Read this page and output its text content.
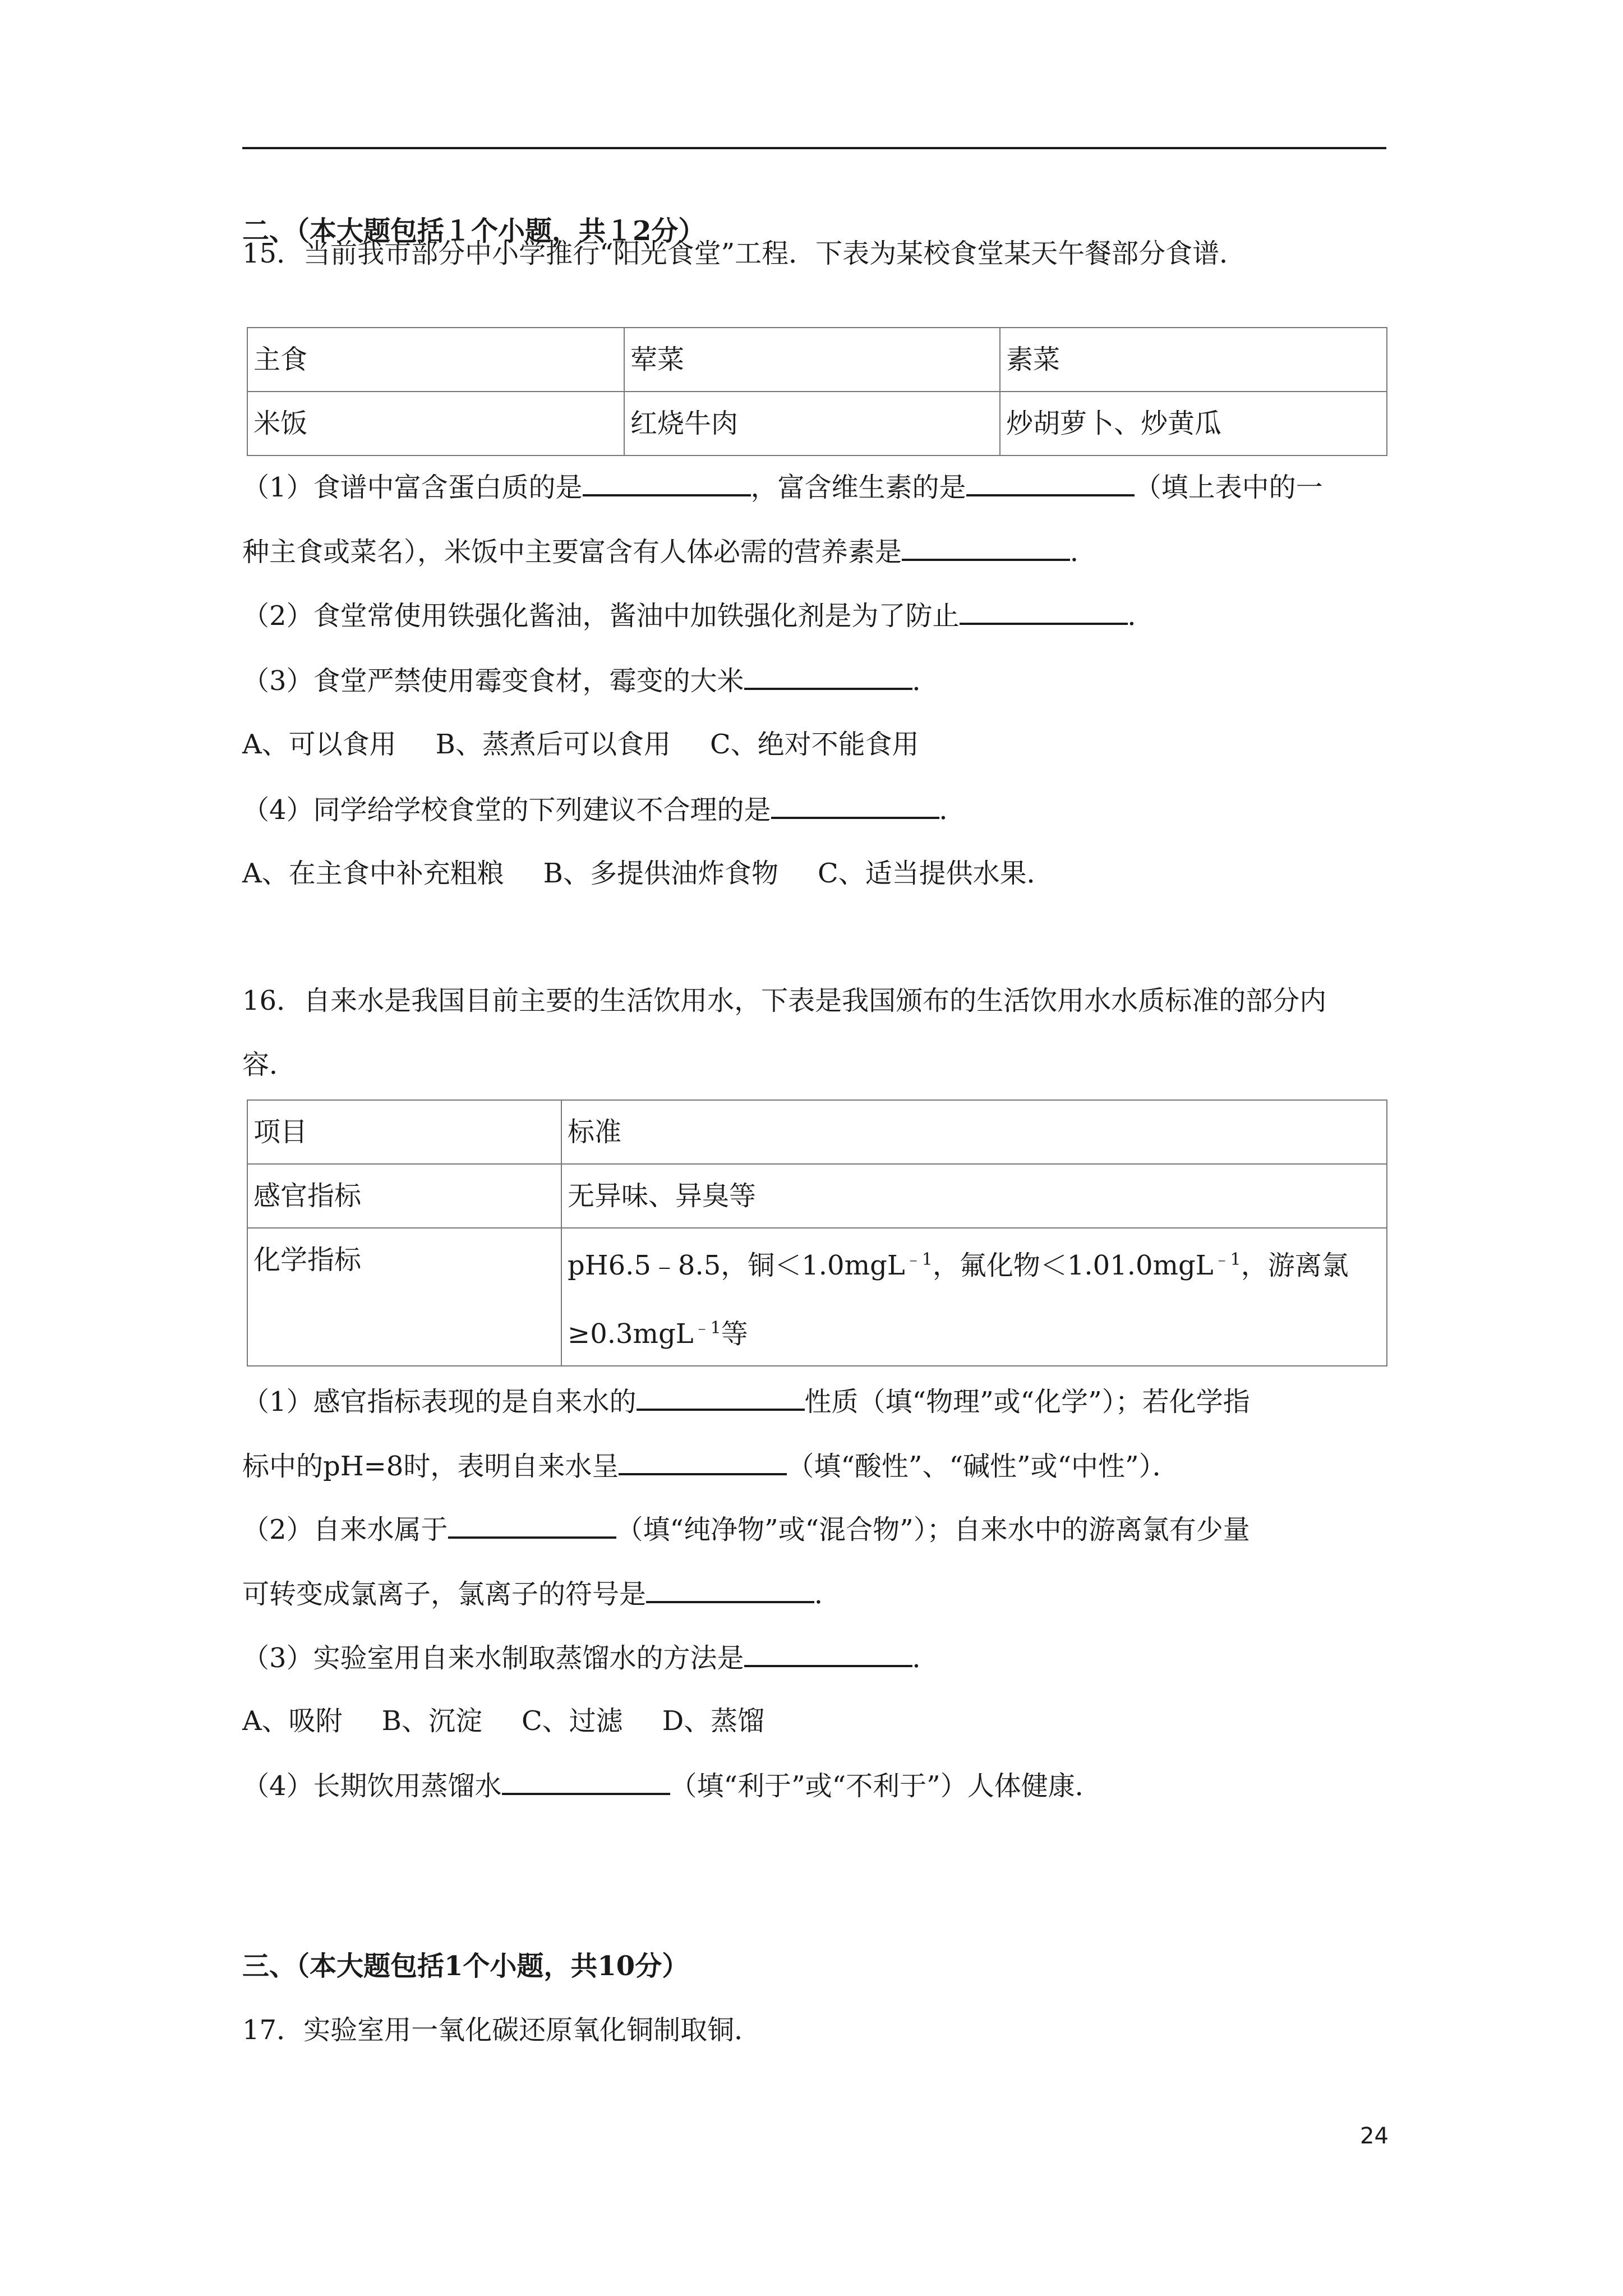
二、（本大题包括１个小题，共１2分）
15．当前我市部分中小学推行“阳光食堂”工程．下表为某校食堂某天午餐部分食谱．
主食	荤菜	素菜
米饭	红烧牛肉	炒胡萝卜、炒黄瓜
（1）食谱中富含蛋白质的是	，富含维生素的是	（填上表中的一
种主食或菜名），米饭中主要富含有人体必需的营养素是	．
（2）食堂常使用铁强化酱油，酱油中加铁强化剂是为了防止	．
（3）食堂严禁使用霉变食材，霉变的大米	．
A、可以食用 B、蒸煮后可以食用 C、绝对不能食用
（4）同学给学校食堂的下列建议不合理的是	．
A、在主食中补充粗粮 B、多提供油炸食物 C、适当提供水果．
16．自来水是我国目前主要的生活饮用水，下表是我国颁布的生活饮用水水质标准的部分内
容．
项目	标准
感官指标	无异味、异臭等
化学指标	pH6.5﹣8.5，铜＜1.0mgL$^{﹣1}$，氟化物＜1.01.0mgL$^{﹣1}$，游离氯
≥0.3mgL$^{﹣1}$等
（1）感官指标表现的是自来水的	性质（填“物理”或“化学”）；若化学指
标中的pH=8时，表明自来水呈	（填“酸性”、“碱性”或“中性”）．
（2）自来水属于	（填“纯净物”或“混合物”）；自来水中的游离氯有少量
可转变成氯离子，氯离子的符号是	．
（3）实验室用自来水制取蒸馏水的方法是	．
A、吸附 B、沉淀 C、过滤 D、蒸馏
（4）长期饮用蒸馏水	（填“利于”或“不利于”）人体健康．
三、（本大题包括1个小题，共10分）
17．实验室用一氧化碳还原氧化铜制取铜．
24
